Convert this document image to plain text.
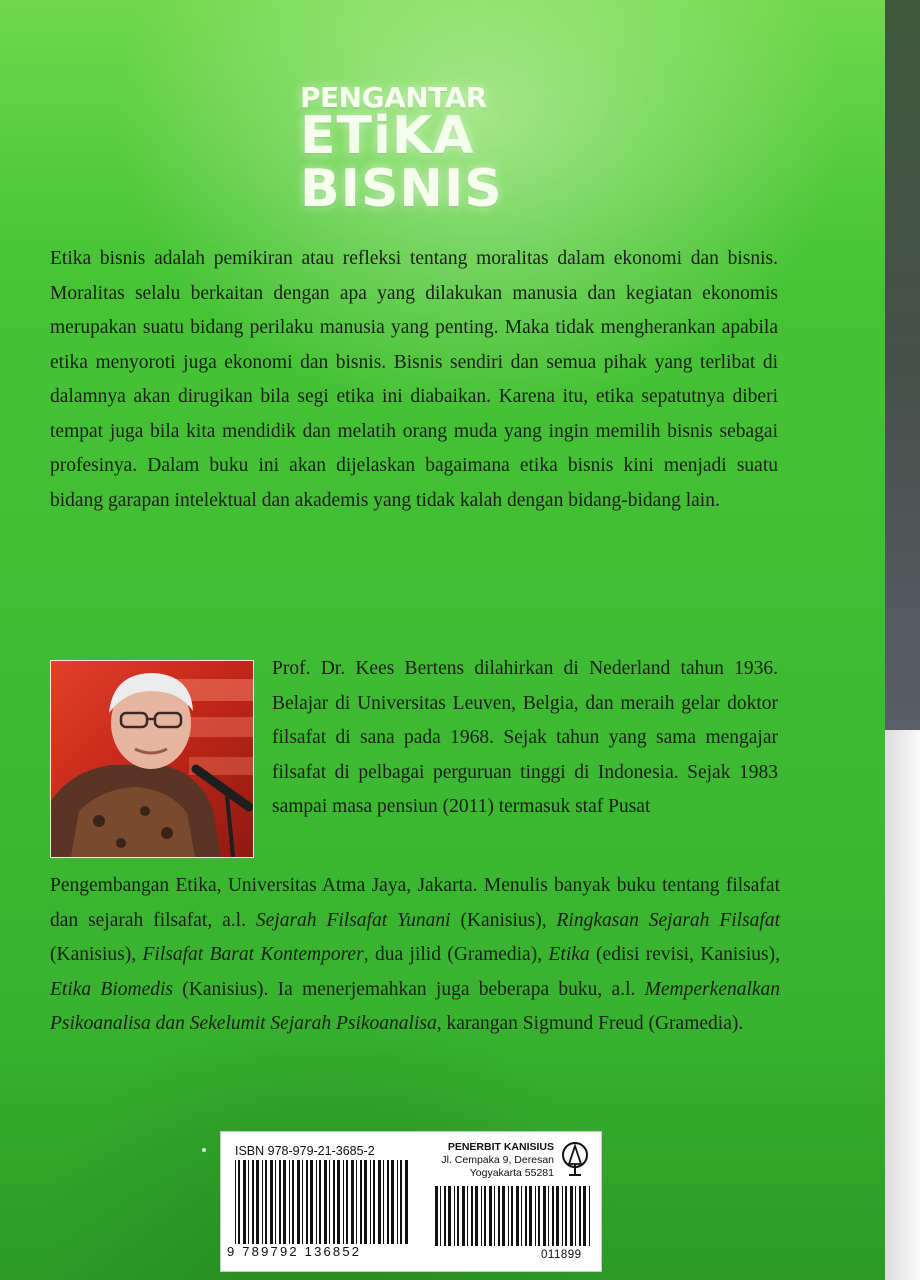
PENGANTAR
ETiKA
BISNIS

Etika bisnis adalah pemikiran atau refleksi tentang moralitas dalam ekonomi dan bisnis. Moralitas selalu berkaitan dengan apa yang dilakukan manusia dan kegiatan ekonomis merupakan suatu bidang perilaku manusia yang penting. Maka tidak mengherankan apabila etika menyoroti juga ekonomi dan bisnis. Bisnis sendiri dan semua pihak yang terlibat di dalamnya akan dirugikan bila segi etika ini diabaikan. Karena itu, etika sepatutnya diberi tempat juga bila kita mendidik dan melatih orang muda yang ingin memilih bisnis sebagai profesinya. Dalam buku ini akan dijelaskan bagaimana etika bisnis kini menjadi suatu bidang garapan intelektual dan akademis yang tidak kalah dengan bidang-bidang lain.

Prof. Dr. Kees Bertens dilahirkan di Nederland tahun 1936. Belajar di Universitas Leuven, Belgia, dan meraih gelar doktor filsafat di sana pada 1968. Sejak tahun yang sama mengajar filsafat di pelbagai perguruan tinggi di Indonesia. Sejak 1983 sampai masa pensiun (2011) termasuk staf Pusat

Pengembangan Etika, Universitas Atma Jaya, Jakarta. Menulis banyak buku tentang filsafat dan sejarah filsafat, a.l. Sejarah Filsafat Yunani (Kanisius), Ringkasan Sejarah Filsafat (Kanisius), Filsafat Barat Kontemporer, dua jilid (Gramedia), Etika (edisi revisi, Kanisius), Etika Biomedis (Kanisius). Ia menerjemahkan juga beberapa buku, a.l. Memperkenalkan Psikoanalisa dan Sekelumit Sejarah Psikoanalisa, karangan Sigmund Freud (Gramedia).

ISBN 978-979-21-3685-2
9 789792 136852
PENERBIT KANISIUS
Jl. Cempaka 9, Deresan
Yogyakarta 55281
011899
